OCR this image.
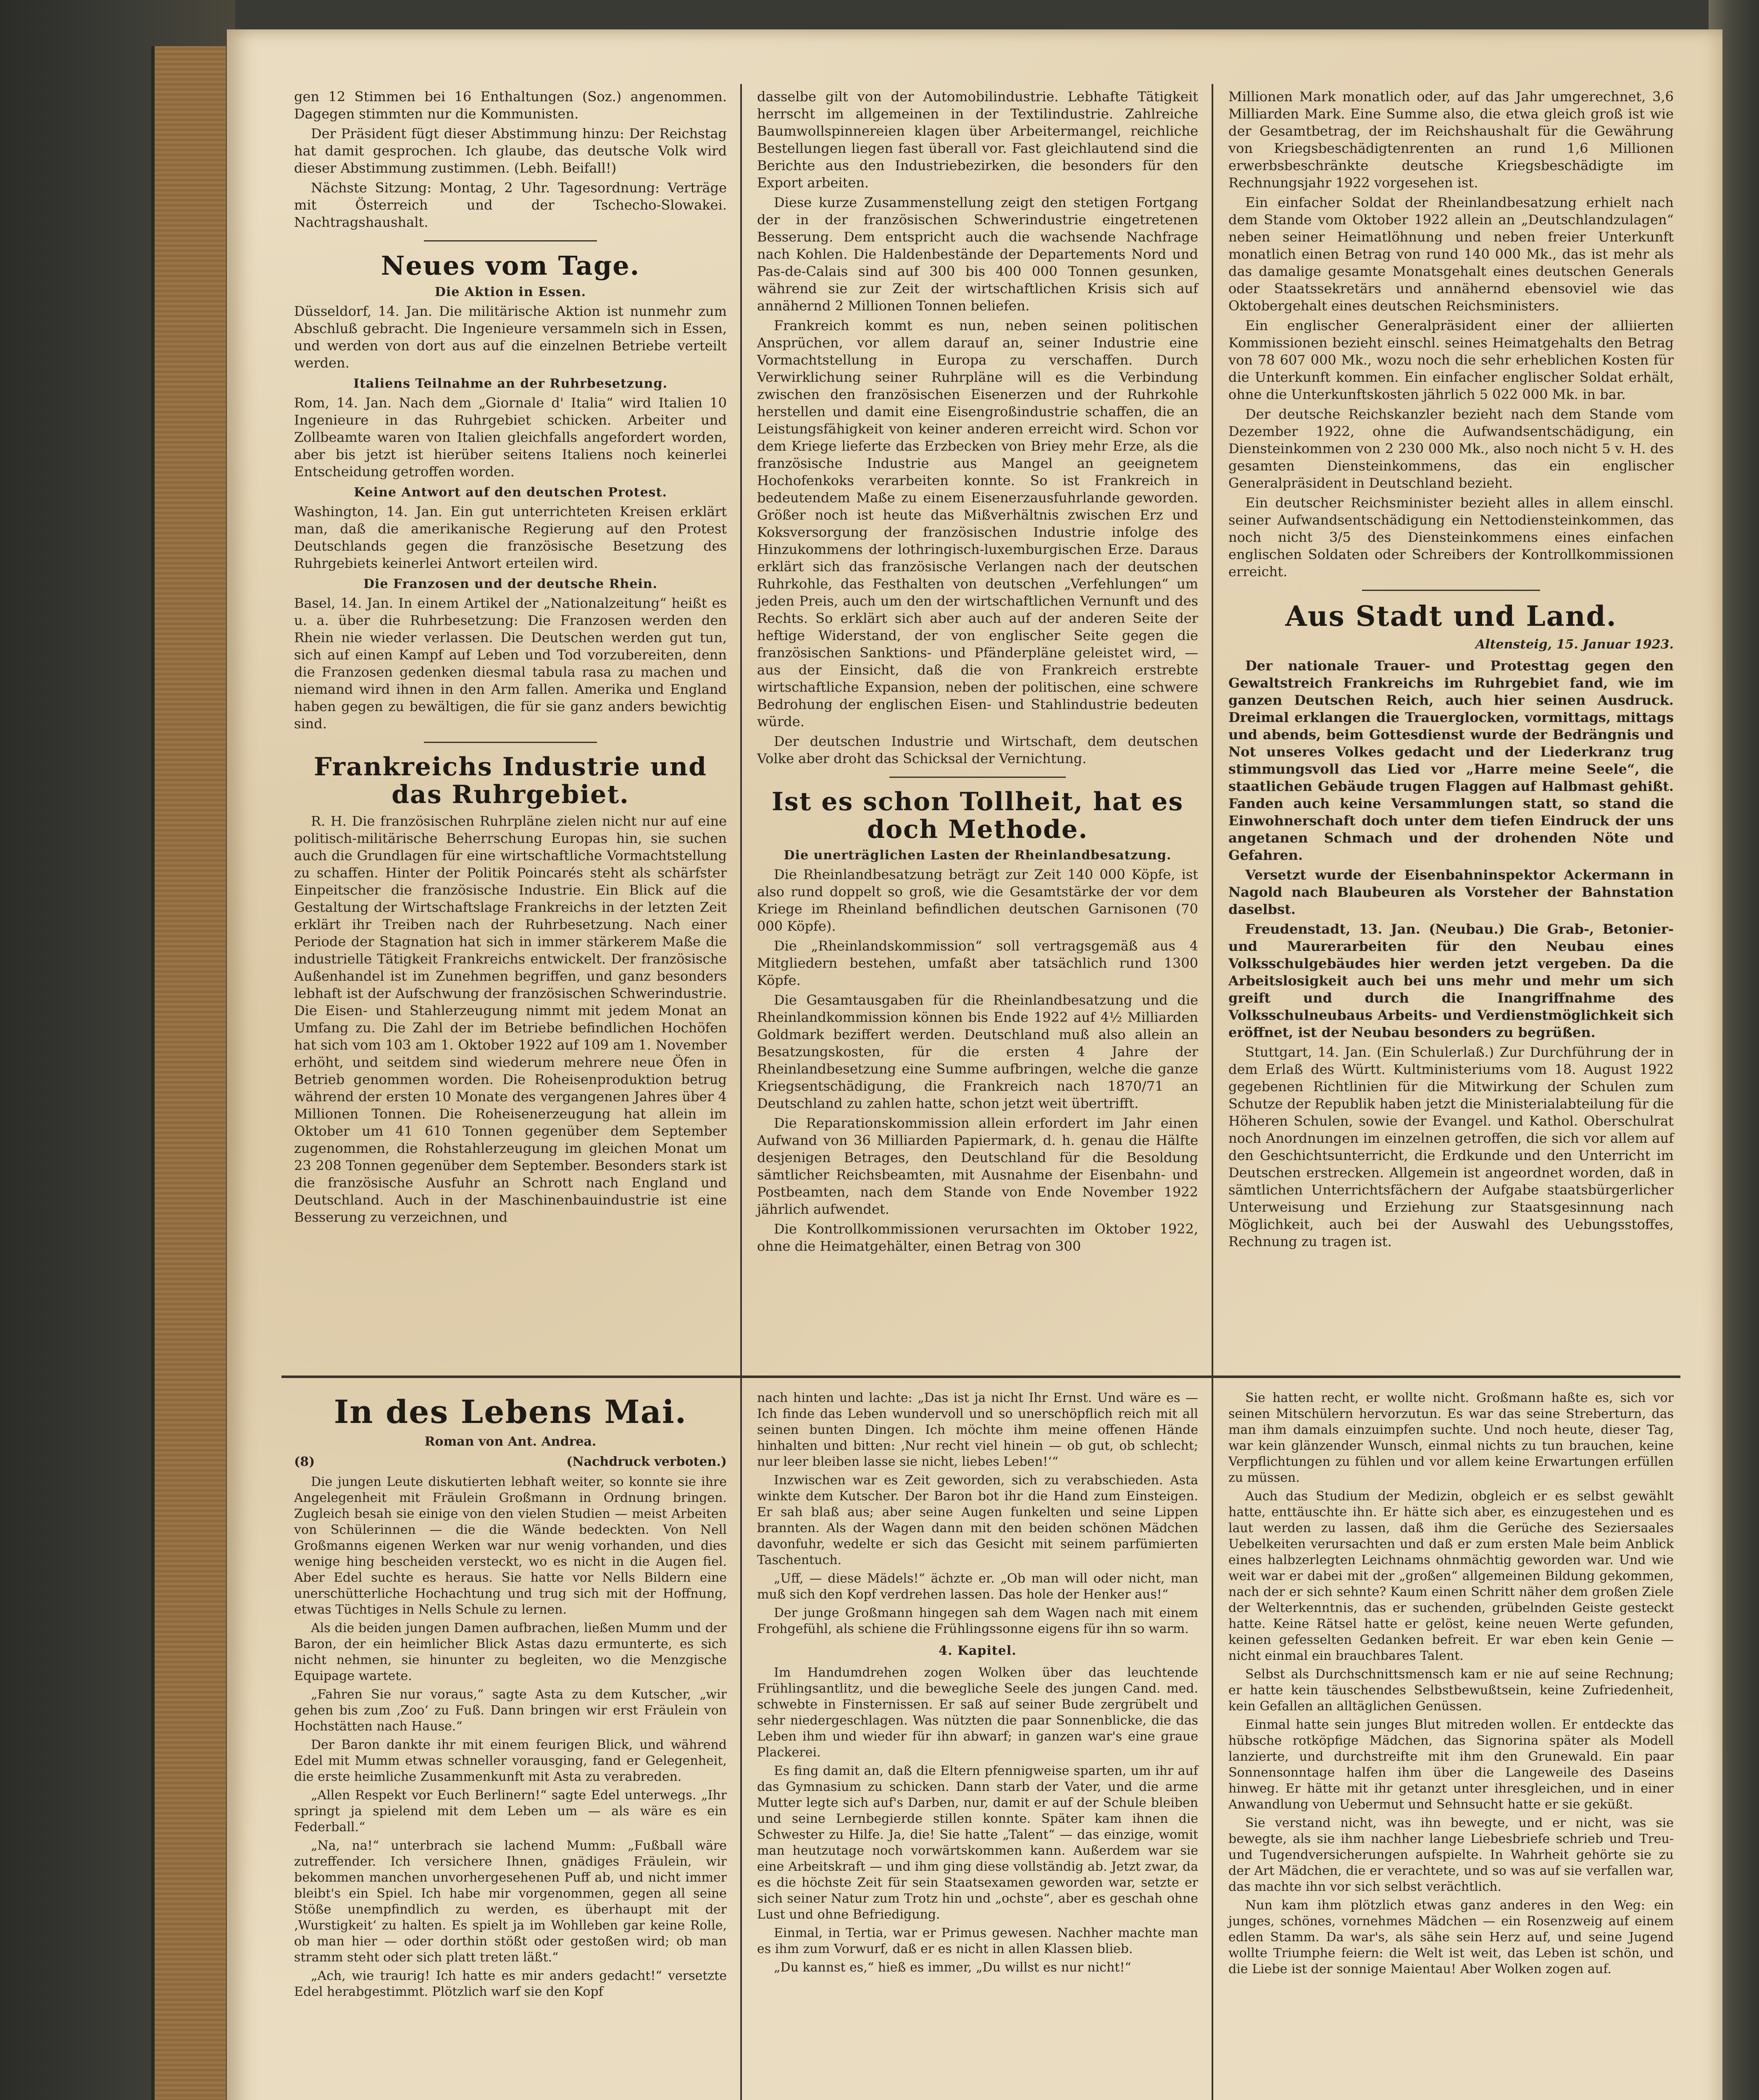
gen 12 Stimmen bei 16 Enthaltungen (Soz.) angenommen. Dagegen stimmten nur die Kommunisten.

Der Präsident fügt dieser Abstimmung hinzu: Der Reichstag hat damit gesprochen. Ich glaube, das deutsche Volk wird dieser Abstimmung zustimmen. (Lebh. Beifall!)

Nächste Sitzung: Montag, 2 Uhr. Tagesordnung: Verträge mit Österreich und der Tschecho-Slowakei. Nachtragshaushalt.

Neues vom Tage.
Die Aktion in Essen.

Düsseldorf, 14. Jan. Die militärische Aktion ist nunmehr zum Abschluß gebracht. Die Ingenieure versammeln sich in Essen, und werden von dort aus auf die einzelnen Betriebe verteilt werden.

Italiens Teilnahme an der Ruhrbesetzung.

Rom, 14. Jan. Nach dem „Giornale d' Italia“ wird Italien 10 Ingenieure in das Ruhrgebiet schicken. Arbeiter und Zollbeamte waren von Italien gleichfalls angefordert worden, aber bis jetzt ist hierüber seitens Italiens noch keinerlei Entscheidung getroffen worden.

Keine Antwort auf den deutschen Protest.

Washington, 14. Jan. Ein gut unterrichteten Kreisen erklärt man, daß die amerikanische Regierung auf den Protest Deutschlands gegen die französische Besetzung des Ruhrgebiets keinerlei Antwort erteilen wird.

Die Franzosen und der deutsche Rhein.

Basel, 14. Jan. In einem Artikel der „Nationalzeitung“ heißt es u. a. über die Ruhrbesetzung: Die Franzosen werden den Rhein nie wieder verlassen. Die Deutschen werden gut tun, sich auf einen Kampf auf Leben und Tod vorzubereiten, denn die Franzosen gedenken diesmal tabula rasa zu machen und niemand wird ihnen in den Arm fallen. Amerika und England haben gegen zu bewältigen, die für sie ganz anders bewichtig sind.

Frankreichs Industrie und das Ruhrgebiet.

R. H. Die französischen Ruhrpläne zielen nicht nur auf eine politisch-militärische Beherrschung Europas hin, sie suchen auch die Grundlagen für eine wirtschaftliche Vormachtstellung zu schaffen. Hinter der Politik Poincarés steht als schärfster Einpeitscher die französische Industrie. Ein Blick auf die Gestaltung der Wirtschaftslage Frankreichs in der letzten Zeit erklärt ihr Treiben nach der Ruhrbesetzung. Nach einer Periode der Stagnation hat sich in immer stärkerem Maße die industrielle Tätigkeit Frankreichs entwickelt. Der französische Außenhandel ist im Zunehmen begriffen, und ganz besonders lebhaft ist der Aufschwung der französischen Schwerindustrie. Die Eisen- und Stahlerzeugung nimmt mit jedem Monat an Umfang zu. Die Zahl der im Betriebe befindlichen Hochöfen hat sich vom 103 am 1. Oktober 1922 auf 109 am 1. November erhöht, und seitdem sind wiederum mehrere neue Öfen in Betrieb genommen worden. Die Roheisenproduktion betrug während der ersten 10 Monate des vergangenen Jahres über 4 Millionen Tonnen. Die Roheisenerzeugung hat allein im Oktober um 41 610 Tonnen gegenüber dem September zugenommen, die Rohstahlerzeugung im gleichen Monat um 23 208 Tonnen gegenüber dem September. Besonders stark ist die französische Ausfuhr an Schrott nach England und Deutschland. Auch in der Maschinenbauindustrie ist eine Besserung zu verzeichnen, und

dasselbe gilt von der Automobilindustrie. Lebhafte Tätigkeit herrscht im allgemeinen in der Textilindustrie. Zahlreiche Baumwollspinnereien klagen über Arbeitermangel, reichliche Bestellungen liegen fast überall vor. Fast gleichlautend sind die Berichte aus den Industriebezirken, die besonders für den Export arbeiten.

Diese kurze Zusammenstellung zeigt den stetigen Fortgang der in der französischen Schwerindustrie eingetretenen Besserung. Dem entspricht auch die wachsende Nachfrage nach Kohlen. Die Haldenbestände der Departements Nord und Pas-de-Calais sind auf 300 bis 400 000 Tonnen gesunken, während sie zur Zeit der wirtschaftlichen Krisis sich auf annähernd 2 Millionen Tonnen beliefen.

Frankreich kommt es nun, neben seinen politischen Ansprüchen, vor allem darauf an, seiner Industrie eine Vormachtstellung in Europa zu verschaffen. Durch Verwirklichung seiner Ruhrpläne will es die Verbindung zwischen den französischen Eisenerzen und der Ruhrkohle herstellen und damit eine Eisengroßindustrie schaffen, die an Leistungsfähigkeit von keiner anderen erreicht wird. Schon vor dem Kriege lieferte das Erzbecken von Briey mehr Erze, als die französische Industrie aus Mangel an geeignetem Hochofenkoks verarbeiten konnte. So ist Frankreich in bedeutendem Maße zu einem Eisenerzausfuhrlande geworden. Größer noch ist heute das Mißverhältnis zwischen Erz und Koksversorgung der französischen Industrie infolge des Hinzukommens der lothringisch-luxemburgischen Erze. Daraus erklärt sich das französische Verlangen nach der deutschen Ruhrkohle, das Festhalten von deutschen „Verfehlungen“ um jeden Preis, auch um den der wirtschaftlichen Vernunft und des Rechts. So erklärt sich aber auch auf der anderen Seite der heftige Widerstand, der von englischer Seite gegen die französischen Sanktions- und Pfänderpläne geleistet wird, — aus der Einsicht, daß die von Frankreich erstrebte wirtschaftliche Expansion, neben der politischen, eine schwere Bedrohung der englischen Eisen- und Stahlindustrie bedeuten würde.

Der deutschen Industrie und Wirtschaft, dem deutschen Volke aber droht das Schicksal der Vernichtung.

Ist es schon Tollheit, hat es doch Methode.
Die unerträglichen Lasten der Rheinlandbesatzung.

Die Rheinlandbesatzung beträgt zur Zeit 140 000 Köpfe, ist also rund doppelt so groß, wie die Gesamtstärke der vor dem Kriege im Rheinland befindlichen deutschen Garnisonen (70 000 Köpfe).

Die „Rheinlandskommission“ soll vertragsgemäß aus 4 Mitgliedern bestehen, umfaßt aber tatsächlich rund 1300 Köpfe.

Die Gesamtausgaben für die Rheinlandbesatzung und die Rheinlandkommission können bis Ende 1922 auf 4½ Milliarden Goldmark beziffert werden. Deutschland muß also allein an Besatzungskosten, für die ersten 4 Jahre der Rheinlandbesetzung eine Summe aufbringen, welche die ganze Kriegsentschädigung, die Frankreich nach 1870/71 an Deutschland zu zahlen hatte, schon jetzt weit übertrifft.

Die Reparationskommission allein erfordert im Jahr einen Aufwand von 36 Milliarden Papiermark, d. h. genau die Hälfte desjenigen Betrages, den Deutschland für die Besoldung sämtlicher Reichsbeamten, mit Ausnahme der Eisenbahn- und Postbeamten, nach dem Stande von Ende November 1922 jährlich aufwendet.

Die Kontrollkommissionen verursachten im Oktober 1922, ohne die Heimatgehälter, einen Betrag von 300

Millionen Mark monatlich oder, auf das Jahr umgerechnet, 3,6 Milliarden Mark. Eine Summe also, die etwa gleich groß ist wie der Gesamtbetrag, der im Reichshaushalt für die Gewährung von Kriegsbeschädigtenrenten an rund 1,6 Millionen erwerbsbeschränkte deutsche Kriegsbeschädigte im Rechnungsjahr 1922 vorgesehen ist.

Ein einfacher Soldat der Rheinlandbesatzung erhielt nach dem Stande vom Oktober 1922 allein an „Deutschlandzulagen“ neben seiner Heimatlöhnung und neben freier Unterkunft monatlich einen Betrag von rund 140 000 Mk., das ist mehr als das damalige gesamte Monatsgehalt eines deutschen Generals oder Staatssekretärs und annähernd ebensoviel wie das Oktobergehalt eines deutschen Reichsministers.

Ein englischer Generalpräsident einer der alliierten Kommissionen bezieht einschl. seines Heimatgehalts den Betrag von 78 607 000 Mk., wozu noch die sehr erheblichen Kosten für die Unterkunft kommen. Ein einfacher englischer Soldat erhält, ohne die Unterkunftskosten jährlich 5 022 000 Mk. in bar.

Der deutsche Reichskanzler bezieht nach dem Stande vom Dezember 1922, ohne die Aufwandsentschädigung, ein Diensteinkommen von 2 230 000 Mk., also noch nicht 5 v. H. des gesamten Diensteinkommens, das ein englischer Generalpräsident in Deutschland bezieht.

Ein deutscher Reichsminister bezieht alles in allem einschl. seiner Aufwandsentschädigung ein Nettodiensteinkommen, das noch nicht 3/5 des Diensteinkommens eines einfachen englischen Soldaten oder Schreibers der Kontrollkommissionen erreicht.

Aus Stadt und Land.
Altensteig, 15. Januar 1923.

Der nationale Trauer- und Protesttag gegen den Gewaltstreich Frankreichs im Ruhrgebiet fand, wie im ganzen Deutschen Reich, auch hier seinen Ausdruck. Dreimal erklangen die Trauerglocken, vormittags, mittags und abends, beim Gottesdienst wurde der Bedrängnis und Not unseres Volkes gedacht und der Liederkranz trug stimmungsvoll das Lied vor „Harre meine Seele“, die staatlichen Gebäude trugen Flaggen auf Halbmast gehißt. Fanden auch keine Versammlungen statt, so stand die Einwohnerschaft doch unter dem tiefen Eindruck der uns angetanen Schmach und der drohenden Nöte und Gefahren.

Versetzt wurde der Eisenbahninspektor Ackermann in Nagold nach Blaubeuren als Vorsteher der Bahnstation daselbst.

Freudenstadt, 13. Jan. (Neubau.) Die Grab-, Betonier- und Maurerarbeiten für den Neubau eines Volksschulgebäudes hier werden jetzt vergeben. Da die Arbeitslosigkeit auch bei uns mehr und mehr um sich greift und durch die Inangriffnahme des Volksschulneubaus Arbeits- und Verdienstmöglichkeit sich eröffnet, ist der Neubau besonders zu begrüßen.

Stuttgart, 14. Jan. (Ein Schulerlaß.) Zur Durchführung der in dem Erlaß des Württ. Kultministeriums vom 18. August 1922 gegebenen Richtlinien für die Mitwirkung der Schulen zum Schutze der Republik haben jetzt die Ministerialabteilung für die Höheren Schulen, sowie der Evangel. und Kathol. Oberschulrat noch Anordnungen im einzelnen getroffen, die sich vor allem auf den Geschichtsunterricht, die Erdkunde und den Unterricht im Deutschen erstrecken. Allgemein ist angeordnet worden, daß in sämtlichen Unterrichtsfächern der Aufgabe staatsbürgerlicher Unterweisung und Erziehung zur Staatsgesinnung nach Möglichkeit, auch bei der Auswahl des Uebungsstoffes, Rechnung zu tragen ist.

In des Lebens Mai.
Roman von Ant. Andrea.
(8)	(Nachdruck verboten.)

Die jungen Leute diskutierten lebhaft weiter, so konnte sie ihre Angelegenheit mit Fräulein Großmann in Ordnung bringen. Zugleich besah sie einige von den vielen Studien — meist Arbeiten von Schülerinnen — die die Wände bedeckten. Von Nell Großmanns eigenen Werken war nur wenig vorhanden, und dies wenige hing bescheiden versteckt, wo es nicht in die Augen fiel. Aber Edel suchte es heraus. Sie hatte vor Nells Bildern eine unerschütterliche Hochachtung und trug sich mit der Hoffnung, etwas Tüchtiges in Nells Schule zu lernen.

Als die beiden jungen Damen aufbrachen, ließen Mumm und der Baron, der ein heimlicher Blick Astas dazu ermunterte, es sich nicht nehmen, sie hinunter zu begleiten, wo die Menzgische Equipage wartete.

„Fahren Sie nur voraus,“ sagte Asta zu dem Kutscher, „wir gehen bis zum ‚Zoo‘ zu Fuß. Dann bringen wir erst Fräulein von Hochstätten nach Hause.“

Der Baron dankte ihr mit einem feurigen Blick, und während Edel mit Mumm etwas schneller vorausging, fand er Gelegenheit, die erste heimliche Zusammenkunft mit Asta zu verabreden.

„Allen Respekt vor Euch Berlinern!“ sagte Edel unterwegs. „Ihr springt ja spielend mit dem Leben um — als wäre es ein Federball.“

„Na, na!“ unterbrach sie lachend Mumm: „Fußball wäre zutreffender. Ich versichere Ihnen, gnädiges Fräulein, wir bekommen manchen unvorhergesehenen Puff ab, und nicht immer bleibt's ein Spiel. Ich habe mir vorgenommen, gegen all seine Stöße unempfindlich zu werden, es überhaupt mit der ‚Wurstigkeit‘ zu halten. Es spielt ja im Wohlleben gar keine Rolle, ob man hier — oder dorthin stößt oder gestoßen wird; ob man stramm steht oder sich platt treten läßt.“

„Ach, wie traurig! Ich hatte es mir anders gedacht!“ versetzte Edel herabgestimmt. Plötzlich warf sie den Kopf

nach hinten und lachte: „Das ist ja nicht Ihr Ernst. Und wäre es — Ich finde das Leben wundervoll und so unerschöpflich reich mit all seinen bunten Dingen. Ich möchte ihm meine offenen Hände hinhalten und bitten: ‚Nur recht viel hinein — ob gut, ob schlecht; nur leer bleiben lasse sie nicht, liebes Leben!‘“

Inzwischen war es Zeit geworden, sich zu verabschieden. Asta winkte dem Kutscher. Der Baron bot ihr die Hand zum Einsteigen. Er sah blaß aus; aber seine Augen funkelten und seine Lippen brannten. Als der Wagen dann mit den beiden schönen Mädchen davonfuhr, wedelte er sich das Gesicht mit seinem parfümierten Taschentuch.

„Uff, — diese Mädels!“ ächzte er. „Ob man will oder nicht, man muß sich den Kopf verdrehen lassen. Das hole der Henker aus!“

Der junge Großmann hingegen sah dem Wagen nach mit einem Frohgefühl, als schiene die Frühlingssonne eigens für ihn so warm.

4. Kapitel.

Im Handumdrehen zogen Wolken über das leuchtende Frühlingsantlitz, und die bewegliche Seele des jungen Cand. med. schwebte in Finsternissen. Er saß auf seiner Bude zergrübelt und sehr niedergeschlagen. Was nützten die paar Sonnenblicke, die das Leben ihm und wieder für ihn abwarf; in ganzen war's eine graue Plackerei.

Es fing damit an, daß die Eltern pfennigweise sparten, um ihr auf das Gymnasium zu schicken. Dann starb der Vater, und die arme Mutter legte sich auf's Darben, nur, damit er auf der Schule bleiben und seine Lernbegierde stillen konnte. Später kam ihnen die Schwester zu Hilfe. Ja, die! Sie hatte „Talent“ — das einzige, womit man heutzutage noch vorwärtskommen kann. Außerdem war sie eine Arbeitskraft — und ihm ging diese vollständig ab. Jetzt zwar, da es die höchste Zeit für sein Staatsexamen geworden war, setzte er sich seiner Natur zum Trotz hin und „ochste“, aber es geschah ohne Lust und ohne Befriedigung.

Einmal, in Tertia, war er Primus gewesen. Nachher machte man es ihm zum Vorwurf, daß er es nicht in allen Klassen blieb.

„Du kannst es,“ hieß es immer, „Du willst es nur nicht!“

Sie hatten recht, er wollte nicht. Großmann haßte es, sich vor seinen Mitschülern hervorzutun. Es war das seine Streberturn, das man ihm damals einzuimpfen suchte. Und noch heute, dieser Tag, war kein glänzender Wunsch, einmal nichts zu tun brauchen, keine Verpflichtungen zu fühlen und vor allem keine Erwartungen erfüllen zu müssen.

Auch das Studium der Medizin, obgleich er es selbst gewählt hatte, enttäuschte ihn. Er hätte sich aber, es einzugestehen und es laut werden zu lassen, daß ihm die Gerüche des Seziersaales Uebelkeiten verursachten und daß er zum ersten Male beim Anblick eines halbzerlegten Leichnams ohnmächtig geworden war. Und wie weit war er dabei mit der „großen“ allgemeinen Bildung gekommen, nach der er sich sehnte? Kaum einen Schritt näher dem großen Ziele der Welterkenntnis, das er suchenden, grübelnden Geiste gesteckt hatte. Keine Rätsel hatte er gelöst, keine neuen Werte gefunden, keinen gefesselten Gedanken befreit. Er war eben kein Genie — nicht einmal ein brauchbares Talent.

Selbst als Durchschnittsmensch kam er nie auf seine Rechnung; er hatte kein täuschendes Selbstbewußtsein, keine Zufriedenheit, kein Gefallen an alltäglichen Genüssen.

Einmal hatte sein junges Blut mitreden wollen. Er entdeckte das hübsche rotköpfige Mädchen, das Signorina später als Modell lanzierte, und durchstreifte mit ihm den Grunewald. Ein paar Sonnensonntage halfen ihm über die Langeweile des Daseins hinweg. Er hätte mit ihr getanzt unter ihresgleichen, und in einer Anwandlung von Uebermut und Sehnsucht hatte er sie geküßt.

Sie verstand nicht, was ihn bewegte, und er nicht, was sie bewegte, als sie ihm nachher lange Liebesbriefe schrieb und Treu- und Tugendversicherungen aufspielte. In Wahrheit gehörte sie zu der Art Mädchen, die er verachtete, und so was auf sie verfallen war, das machte ihn vor sich selbst verächtlich.

Nun kam ihm plötzlich etwas ganz anderes in den Weg: ein junges, schönes, vornehmes Mädchen — ein Rosenzweig auf einem edlen Stamm. Da war's, als sähe sein Herz auf, und seine Jugend wollte Triumphe feiern: die Welt ist weit, das Leben ist schön, und die Liebe ist der sonnige Maientau! Aber Wolken zogen auf.
